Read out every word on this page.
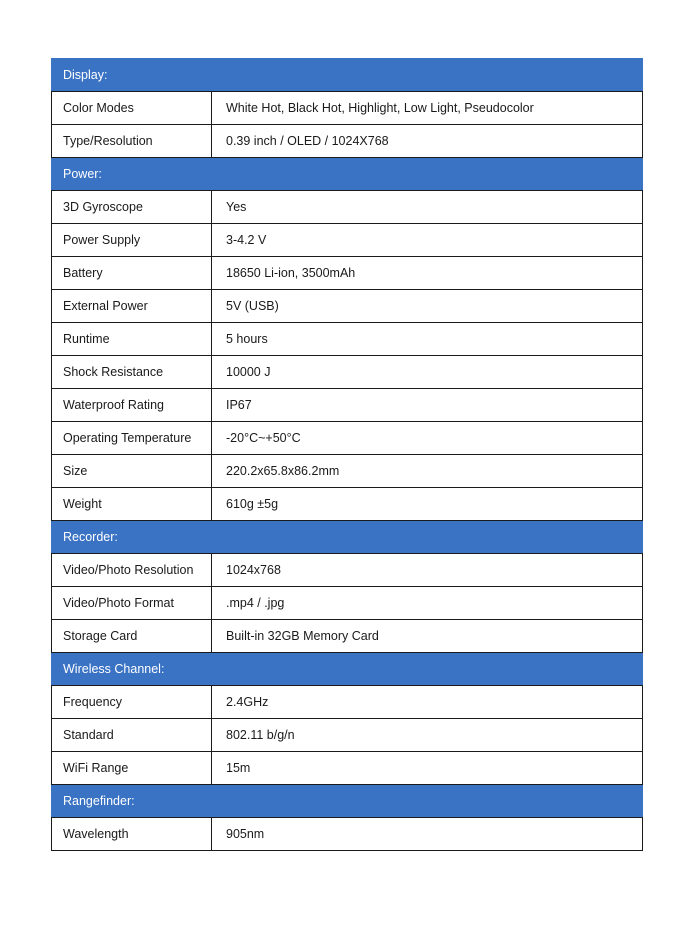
Display:	
Color Modes	White Hot, Black Hot, Highlight, Low Light, Pseudocolor
Type/Resolution	0.39 inch / OLED / 1024X768
Power:	
3D Gyroscope	Yes
Power Supply	3-4.2 V
Battery	18650 Li-ion, 3500mAh
External Power	5V (USB)
Runtime	5 hours
Shock Resistance	10000 J
Waterproof Rating	IP67
Operating Temperature	-20°C~+50°C
Size	220.2x65.8x86.2mm
Weight	610g ±5g
Recorder:	
Video/Photo Resolution	1024x768
Video/Photo Format	.mp4 / .jpg
Storage Card	Built-in 32GB Memory Card
Wireless Channel:	
Frequency	2.4GHz
Standard	802.11 b/g/n
WiFi Range	15m
Rangefinder:	
Wavelength	905nm
